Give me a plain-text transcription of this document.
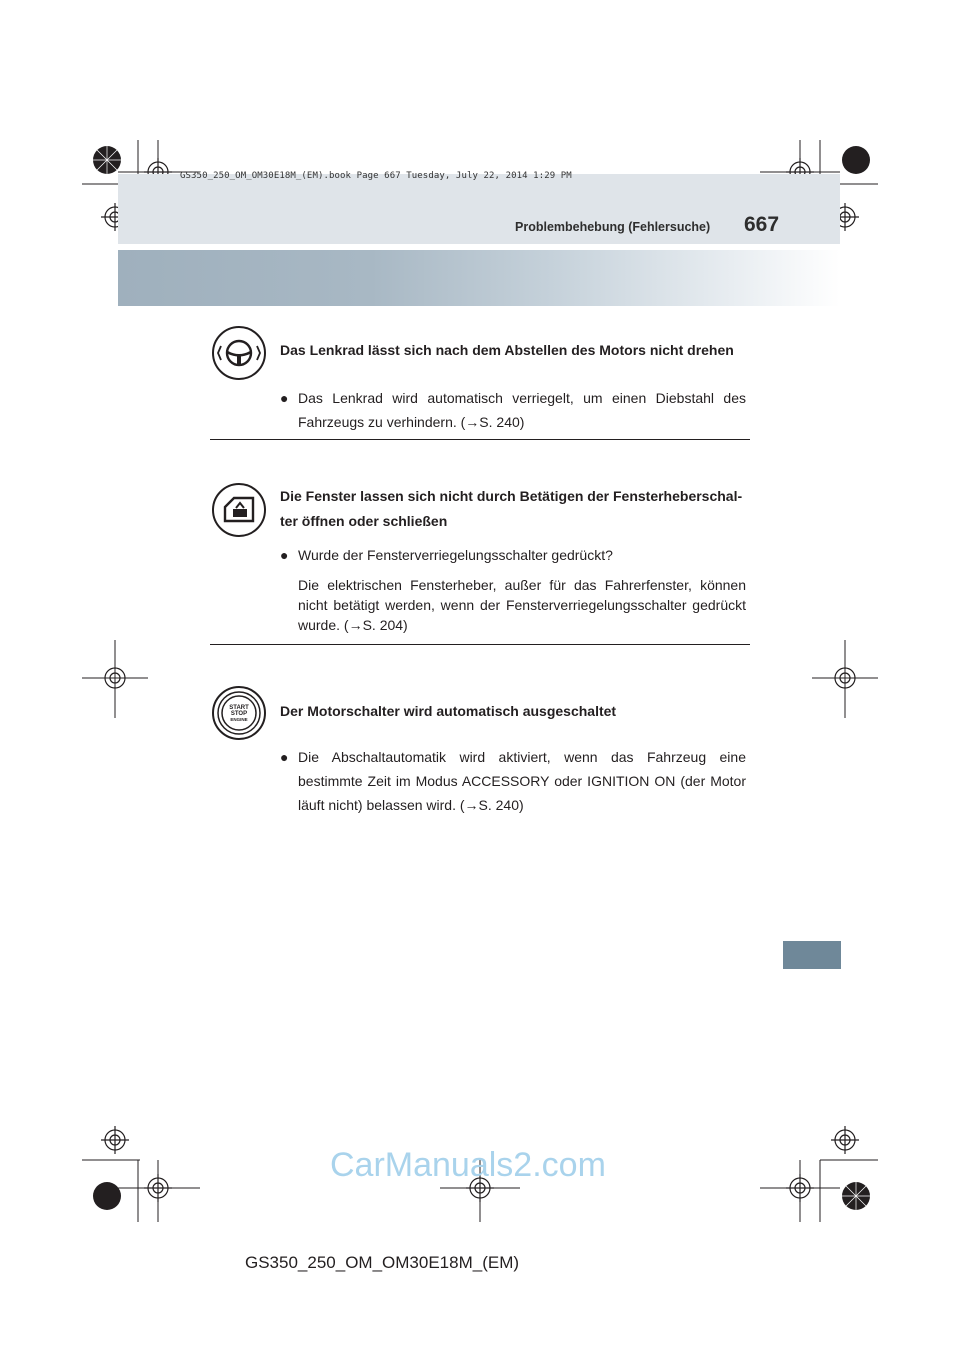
GS350_250_OM_OM30E18M_(EM).book Page 667 Tuesday, July 22, 2014 1:29 PM
Problembehebung (Fehlersuche) 667
Das Lenkrad lässt sich nach dem Abstellen des Motors nicht drehen
● Das Lenkrad wird automatisch verriegelt, um einen Diebstahl des Fahrzeugs zu verhindern. (→S. 240)
Die Fenster lassen sich nicht durch Betätigen der Fensterheberschal- ter öffnen oder schließen
● Wurde der Fensterverriegelungsschalter gedrückt?
Die elektrischen Fensterheber, außer für das Fahrerfenster, können nicht betätigt werden, wenn der Fensterverriegelungsschalter gedrückt wurde. (→S. 204)
START
STOP
ENGINE
Der Motorschalter wird automatisch ausgeschaltet
● Die Abschaltautomatik wird aktiviert, wenn das Fahrzeug eine bestimmte Zeit im Modus ACCESSORY oder IGNITION ON (der Motor läuft nicht) belassen wird. (→S. 240)
CarManuals2.com
GS350_250_OM_OM30E18M_(EM)
